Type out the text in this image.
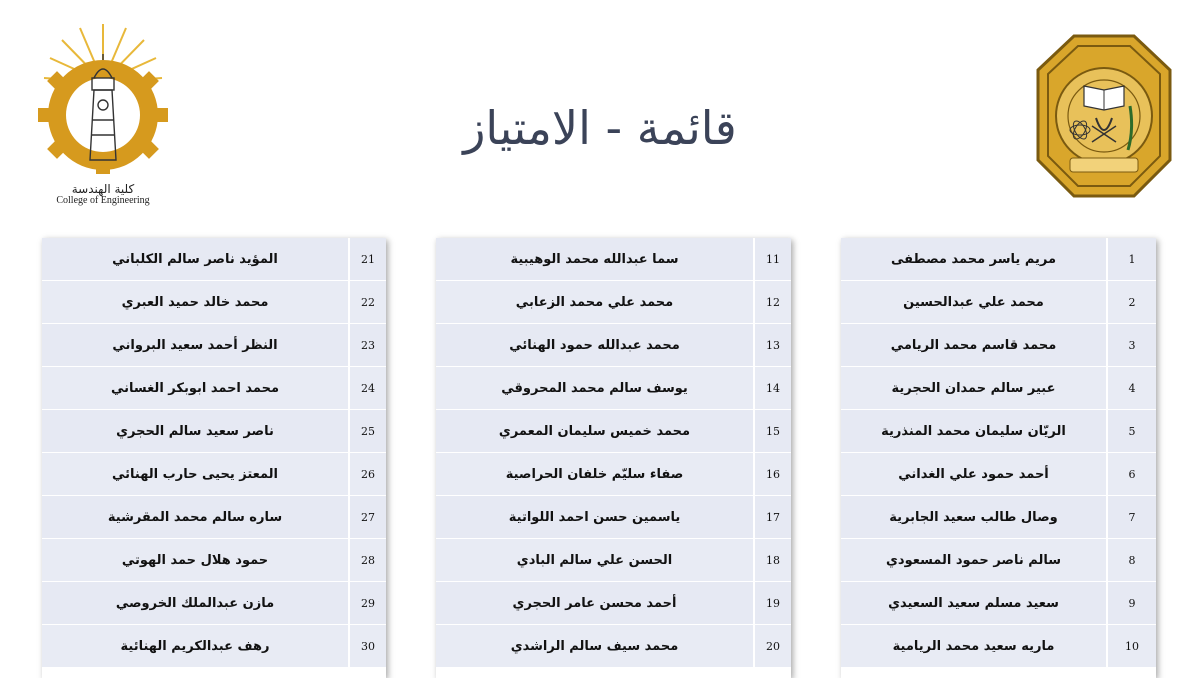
كلية الهندسة
College of Engineering
قائمة - الامتياز
1
مريم ياسر محمد مصطفى
2
محمد علي عبدالحسين
3
محمد قاسم محمد الريامي
4
عبير سالم حمدان الحجرية
5
الريّان سليمان محمد المنذرية
6
أحمد حمود علي الغداني
7
وصال طالب سعيد الجابرية
8
سالم ناصر حمود المسعودي
9
سعيد مسلم سعيد السعيدي
10
ماريه سعيد محمد الريامية
11
سما عبدالله محمد الوهيبية
12
محمد علي محمد الزعابي
13
محمد عبدالله حمود الهنائي
14
يوسف سالم محمد المحروقي
15
محمد خميس سليمان المعمري
16
صفاء سليّم خلفان الحراصية
17
ياسمين حسن احمد اللواتية
18
الحسن علي سالم البادي
19
أحمد محسن عامر الحجري
20
محمد سيف سالم الراشدي
21
المؤيد ناصر سالم الكلباني
22
محمد خالد حميد العبري
23
النظر أحمد سعيد البرواني
24
محمد احمد ابوبكر الغساني
25
ناصر سعيد سالم الحجري
26
المعتز يحيى حارب الهنائي
27
ساره سالم محمد المقرشية
28
حمود هلال حمد الهوتي
29
مازن عبدالملك الخروصي
30
رهف عبدالكريم الهنائية
